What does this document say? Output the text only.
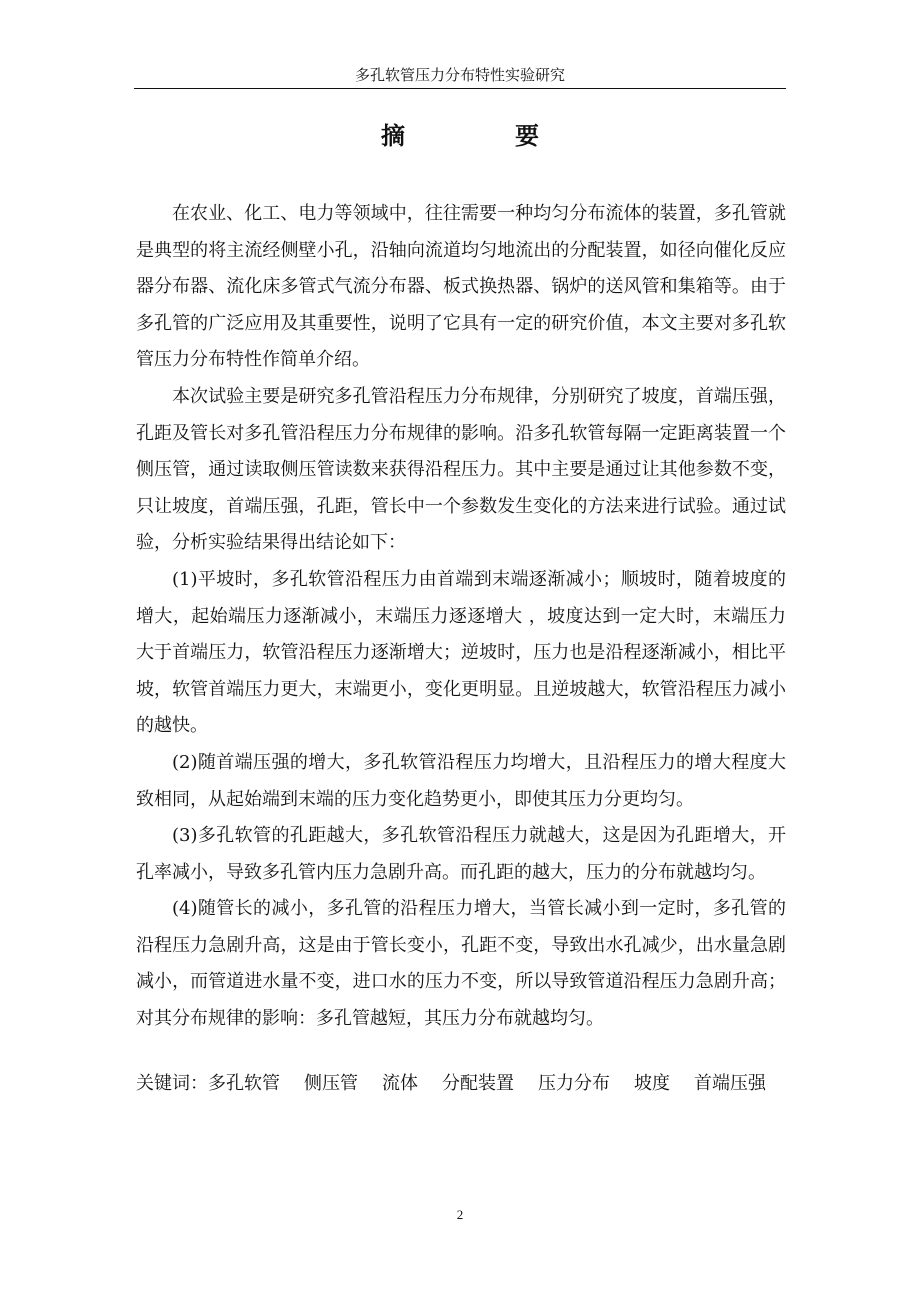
多孔软管压力分布特性实验研究
摘要

在农业、化工、电力等领域中，往往需要一种均匀分布流体的装置，多孔管就是典型的将主流经侧壁小孔，沿轴向流道均匀地流出的分配装置，如径向催化反应器分布器、流化床多管式气流分布器、板式换热器、锅炉的送风管和集箱等。由于多孔管的广泛应用及其重要性，说明了它具有一定的研究价值，本文主要对多孔软管压力分布特性作简单介绍。

本次试验主要是研究多孔管沿程压力分布规律，分别研究了坡度，首端压强，孔距及管长对多孔管沿程压力分布规律的影响。沿多孔软管每隔一定距离装置一个侧压管，通过读取侧压管读数来获得沿程压力。其中主要是通过让其他参数不变，只让坡度，首端压强，孔距，管长中一个参数发生变化的方法来进行试验。通过试验，分析实验结果得出结论如下：

(1)平坡时，多孔软管沿程压力由首端到末端逐渐减小；顺坡时，随着坡度的增大，起始端压力逐渐减小，末端压力逐逐增大 ，坡度达到一定大时，末端压力大于首端压力，软管沿程压力逐渐增大；逆坡时，压力也是沿程逐渐减小，相比平坡，软管首端压力更大，末端更小，变化更明显。且逆坡越大，软管沿程压力减小的越快。

(2)随首端压强的增大，多孔软管沿程压力均增大，且沿程压力的增大程度大致相同，从起始端到末端的压力变化趋势更小，即使其压力分更均匀。

(3)多孔软管的孔距越大，多孔软管沿程压力就越大，这是因为孔距增大，开孔率减小，导致多孔管内压力急剧升高。而孔距的越大，压力的分布就越均匀。

(4)随管长的减小，多孔管的沿程压力增大，当管长减小到一定时，多孔管的沿程压力急剧升高，这是由于管长变小，孔距不变，导致出水孔减少，出水量急剧减小，而管道进水量不变，进口水的压力不变，所以导致管道沿程压力急剧升高；对其分布规律的影响：多孔管越短，其压力分布就越均匀。

关键词：多孔软管 侧压管 流体 分配装置 压力分布 坡度 首端压强
2
